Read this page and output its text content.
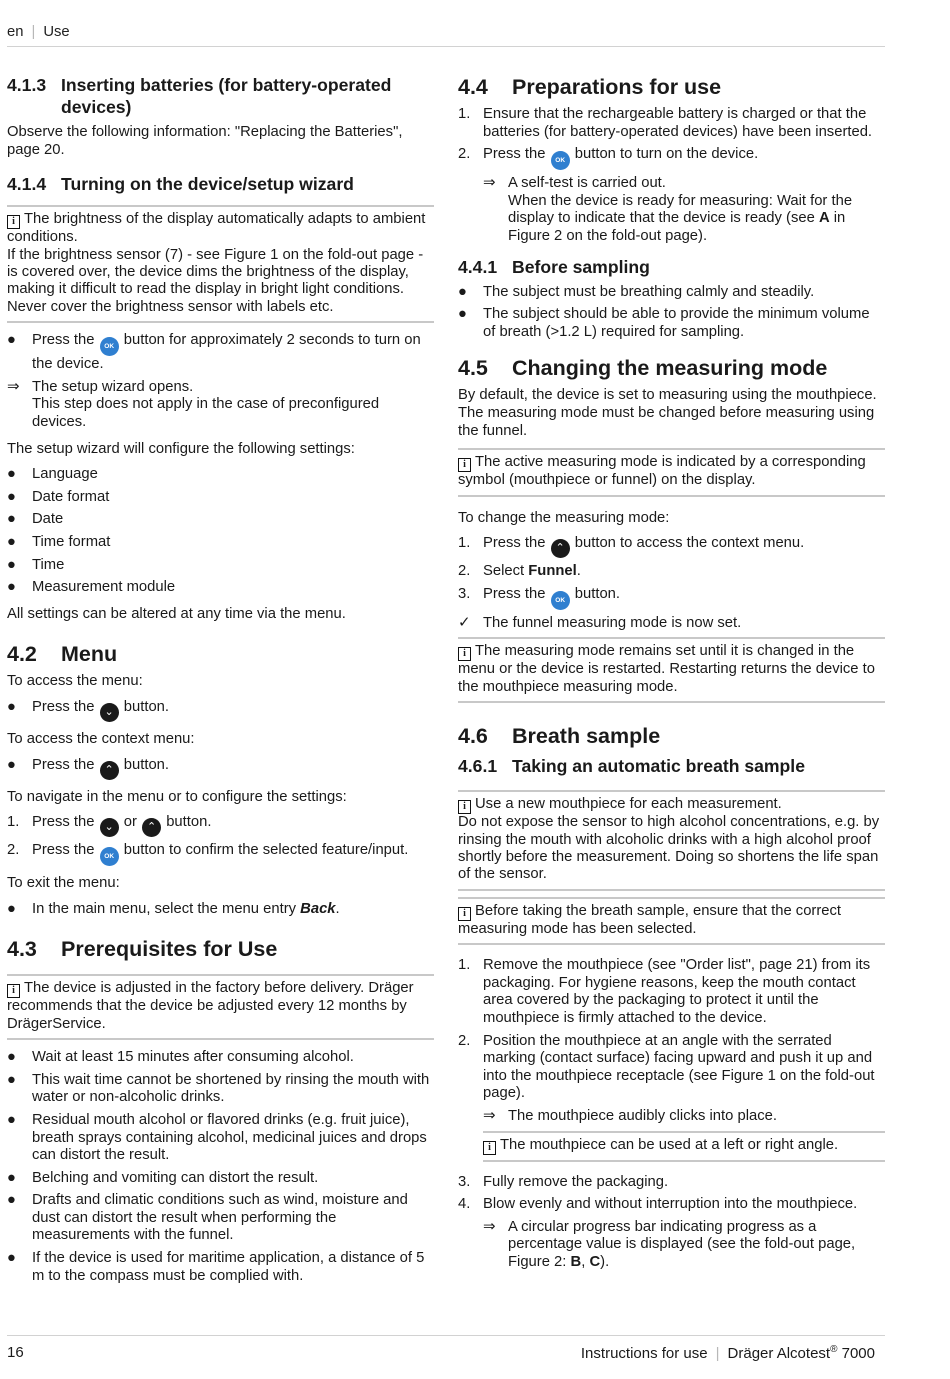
en | Use
4.1.3 Inserting batteries (for battery-operated devices)

Observe the following information: "Replacing the Batteries", page 20.

4.1.4 Turning on the device/setup wizard
i The brightness of the display automatically adapts to ambient conditions.
If the brightness sensor (7) - see Figure 1 on the fold-out page - is covered over, the device dims the brightness of the display, making it difficult to read the display in bright light conditions.
Never cover the brightness sensor with labels etc.
●	Press the OK button for approximately 2 seconds to turn on the device.
⇒ The setup wizard opens.
This step does not apply in the case of preconfigured devices.

The setup wizard will configure the following settings:

●	Language
●	Date format
●	Date
●	Time format
●	Time
●	Measurement module

All settings can be altered at any time via the menu.

4.2	Menu

To access the menu:

●	Press the ⌄ button.

To access the context menu:

●	Press the ⌃ button.

To navigate in the menu or to configure the settings:

1. Press the ⌄ or ⌃ button.
2. Press the OK button to confirm the selected feature/input.

To exit the menu:

●	In the main menu, select the menu entry Back.
4.3	Prerequisites for Use
i The device is adjusted in the factory before delivery. Dräger recommends that the device be adjusted every 12 months by DrägerService.
●	Wait at least 15 minutes after consuming alcohol.
●	This wait time cannot be shortened by rinsing the mouth with water or non-alcoholic drinks.
●	Residual mouth alcohol or flavored drinks (e.g. fruit juice), breath sprays containing alcohol, medicinal juices and drops can distort the result.
●	Belching and vomiting can distort the result.
●	Drafts and climatic conditions such as wind, moisture and dust can distort the result when performing the measurements with the funnel.
●	If the device is used for maritime application, a distance of 5 m to the compass must be complied with.
4.4	Preparations for use
1. Ensure that the rechargeable battery is charged or that the batteries (for battery-operated devices) have been inserted.
2. Press the OK button to turn on the device.
⇒ A self-test is carried out.
When the device is ready for measuring: Wait for the display to indicate that the device is ready (see A in Figure 2 on the fold-out page).
4.4.1 Before sampling
●	The subject must be breathing calmly and steadily.
●	The subject should be able to provide the minimum volume of breath (>1.2 L) required for sampling.
4.5	Changing the measuring mode

By default, the device is set to measuring using the mouthpiece. The measuring mode must be changed before measuring using the funnel.

i The active measuring mode is indicated by a corresponding symbol (mouthpiece or funnel) on the display.

To change the measuring mode:

1. Press the ⌃ button to access the context menu.
2. Select Funnel.
3. Press the OK button.
✓ The funnel measuring mode is now set.
i The measuring mode remains set until it is changed in the menu or the device is restarted. Restarting returns the device to the mouthpiece measuring mode.
4.6	Breath sample
4.6.1 Taking an automatic breath sample
i Use a new mouthpiece for each measurement.
Do not expose the sensor to high alcohol concentrations, e.g. by rinsing the mouth with alcoholic drinks with a high alcohol proof shortly before the measurement. Doing so shortens the life span of the sensor.
i Before taking the breath sample, ensure that the correct measuring mode has been selected.
1. Remove the mouthpiece (see "Order list", page 21) from its packaging. For hygiene reasons, keep the mouth contact area covered by the packaging to protect it until the mouthpiece is firmly attached to the device.
2. Position the mouthpiece at an angle with the serrated marking (contact surface) facing upward and push it up and into the mouthpiece receptacle (see Figure 1 on the fold-out page).
⇒ The mouthpiece audibly clicks into place.
i The mouthpiece can be used at a left or right angle.
3. Fully remove the packaging.
4. Blow evenly and without interruption into the mouthpiece.
⇒ A circular progress bar indicating progress as a percentage value is displayed (see the fold-out page, Figure 2: B, C).
16	Instructions for use | Dräger Alcotest® 7000
